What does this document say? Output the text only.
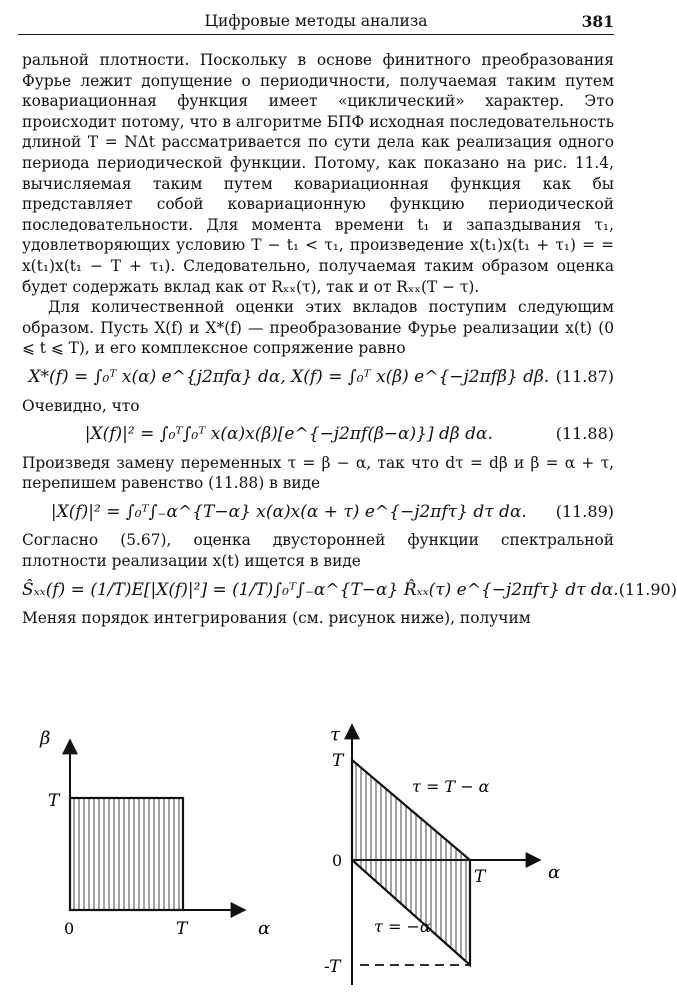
Цифровые методы анализа	381

ральной плотности. Поскольку в основе финитного преобразования Фурье лежит допущение о периодичности, получаемая таким путем ковариационная функция имеет «циклический» характер. Это происходит потому, что в алгоритме БПФ исходная последовательность длиной T = NΔt рассматривается по сути дела как реализация одного периода периодической функции. Потому, как показано на рис. 11.4, вычисляемая таким путем ковариационная функция как бы представляет собой ковариационную функцию периодической последовательности. Для момента времени t₁ и запаздывания τ₁, удовлетворяющих условию T − t₁ < τ₁, произведение x(t₁)x(t₁ + τ₁) = = x(t₁)x(t₁ − T + τ₁). Следовательно, получаемая таким образом оценка будет содержать вклад как от Rₓₓ(τ), так и от Rₓₓ(T − τ).

Для количественной оценки этих вкладов поступим следующим образом. Пусть X(f) и X*(f) — преобразование Фурье реализации x(t) (0 ⩽ t ⩽ T), и его комплексное сопряжение равно

X*(f) = ∫₀ᵀ x(α) e^{j2πfα} dα, X(f) = ∫₀ᵀ x(β) e^{−j2πfβ} dβ. (11.87)

Очевидно, что

|X(f)|² = ∫₀ᵀ∫₀ᵀ x(α)x(β)[e^{−j2πf(β−α)}] dβ dα.	(11.88)

Произведя замену переменных τ = β − α, так что dτ = dβ и β = α + τ, перепишем равенство (11.88) в виде

|X(f)|² = ∫₀ᵀ∫₋α^{T−α} x(α)x(α + τ) e^{−j2πfτ} dτ dα.	(11.89)

Согласно (5.67), оценка двусторонней функции спектральной плотности реализации x(t) ищется в виде

Ŝₓₓ(f) = (1/T)E[|X(f)|²] = (1/T)∫₀ᵀ∫₋α^{T−α} R̂ₓₓ(τ) e^{−j2πfτ} dτ dα. (11.90)

Меняя порядок интегрирования (см. рисунок ниже), получим

β
α
0	T
T
τ
α
0
T
T
-T
τ = T − α
τ = −α
